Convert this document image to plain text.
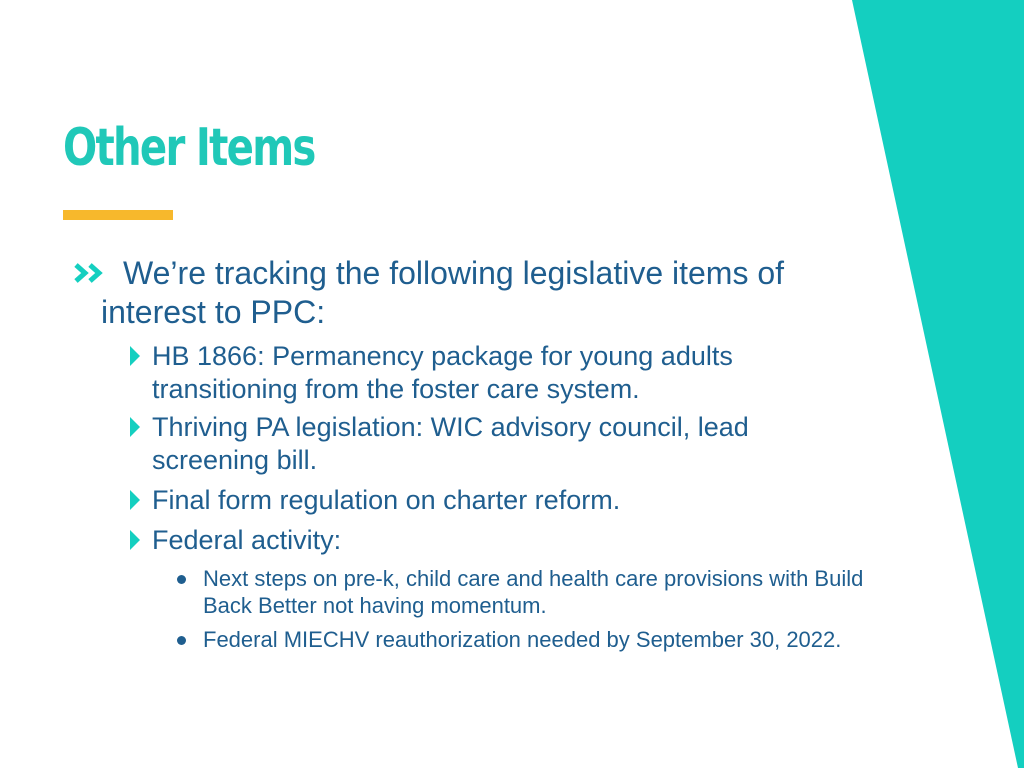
Other Items
We’re tracking the following legislative items of interest to PPC:
HB 1866: Permanency package for young adults transitioning from the foster care system.
Thriving PA legislation: WIC advisory council, lead screening bill.
Final form regulation on charter reform.
Federal activity:
Next steps on pre-k, child care and health care provisions with Build Back Better not having momentum.
Federal MIECHV reauthorization needed by September 30, 2022.
